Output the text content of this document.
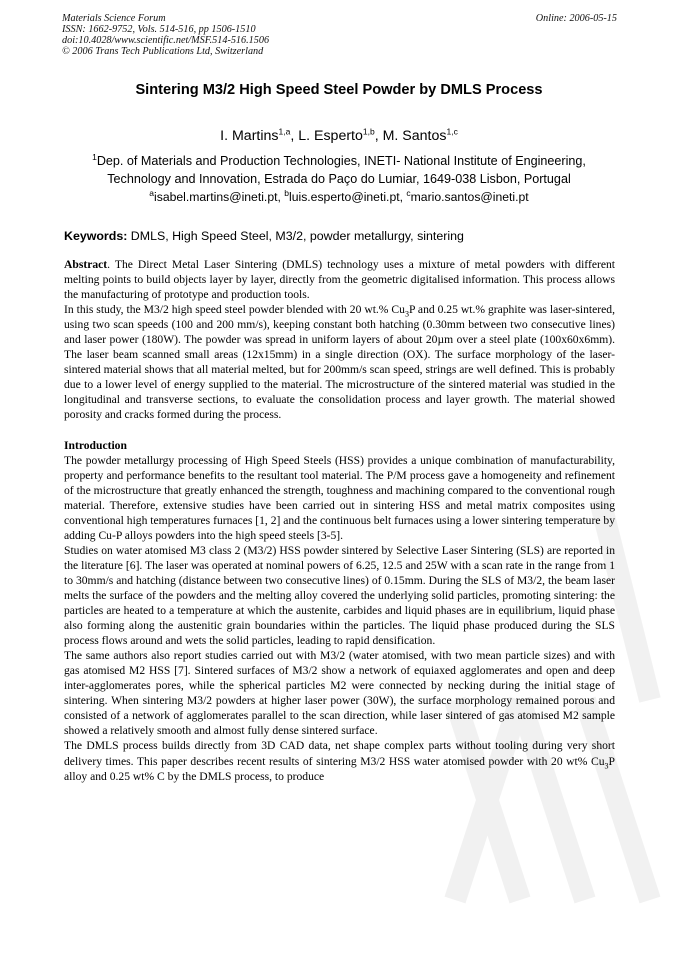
Materials Science Forum
ISSN: 1662-9752, Vols. 514-516, pp 1506-1510
doi:10.4028/www.scientific.net/MSF.514-516.1506
© 2006 Trans Tech Publications Ltd, Switzerland
Online: 2006-05-15
Sintering M3/2 High Speed Steel Powder by DMLS Process
I. Martins$^{1,a}$, L. Esperto$^{1,b}$, M. Santos$^{1,c}$
$^1$Dep. of Materials and Production Technologies, INETI- National Institute of Engineering,
Technology and Innovation, Estrada do Paço do Lumiar, 1649-038 Lisbon, Portugal
$^a$isabel.martins@ineti.pt, $^b$luis.esperto@ineti.pt, $^c$mario.santos@ineti.pt
Keywords: DMLS, High Speed Steel, M3/2, powder metallurgy, sintering

Abstract. The Direct Metal Laser Sintering (DMLS) technology uses a mixture of metal powders with different melting points to build objects layer by layer, directly from the geometric digitalised information. This process allows the manufacturing of prototype and production tools.

In this study, the M3/2 high speed steel powder blended with 20 wt.% $Cu_3P$ and 0.25 wt.% graphite was laser-sintered, using two scan speeds (100 and 200 mm/s), keeping constant both hatching (0.30mm between two consecutive lines) and laser power (180W). The powder was spread in uniform layers of about 20µm over a steel plate (100x60x6mm). The laser beam scanned small areas (12x15mm) in a single direction (OX). The surface morphology of the laser-sintered material shows that all material melted, but for 200mm/s scan speed, strings are well defined. This is probably due to a lower level of energy supplied to the material. The microstructure of the sintered material was studied in the longitudinal and transverse sections, to evaluate the consolidation process and layer growth. The material showed porosity and cracks formed during the process.

Introduction

The powder metallurgy processing of High Speed Steels (HSS) provides a unique combination of manufacturability, property and performance benefits to the resultant tool material. The P/M process gave a homogeneity and refinement of the microstructure that greatly enhanced the strength, toughness and machining compared to the conventional rough material. Therefore, extensive studies have been carried out in sintering HSS and metal matrix composites using conventional high temperatures furnaces [1, 2] and the continuous belt furnaces using a lower sintering temperature by adding Cu-P alloys powders into the high speed steels [3-5].

Studies on water atomised M3 class 2 (M3/2) HSS powder sintered by Selective Laser Sintering (SLS) are reported in the literature [6]. The laser was operated at nominal powers of 6.25, 12.5 and 25W with a scan rate in the range from 1 to 30mm/s and hatching (distance between two consecutive lines) of 0.15mm. During the SLS of M3/2, the beam laser melts the surface of the powders and the melting alloy covered the underlying solid particles, promoting sintering: the particles are heated to a temperature at which the austenite, carbides and liquid phases are in equilibrium, liquid phase also forming along the austenitic grain boundaries within the particles. The liquid phase produced during the SLS process flows around and wets the solid particles, leading to rapid densification.

The same authors also report studies carried out with M3/2 (water atomised, with two mean particle sizes) and with gas atomised M2 HSS [7]. Sintered surfaces of M3/2 show a network of equiaxed agglomerates and open and deep inter-agglomerates pores, while the spherical particles M2 were connected by necking during the initial stage of sintering. When sintering M3/2 powders at higher laser power (30W), the surface morphology remained porous and consisted of a network of agglomerates parallel to the scan direction, while laser sintered of gas atomised M2 sample showed a relatively smooth and almost fully dense sintered surface.

The DMLS process builds directly from 3D CAD data, net shape complex parts without tooling during very short delivery times. This paper describes recent results of sintering M3/2 HSS water atomised powder with 20 wt% $Cu_3P$ alloy and 0.25 wt% C by the DMLS process, to produce
